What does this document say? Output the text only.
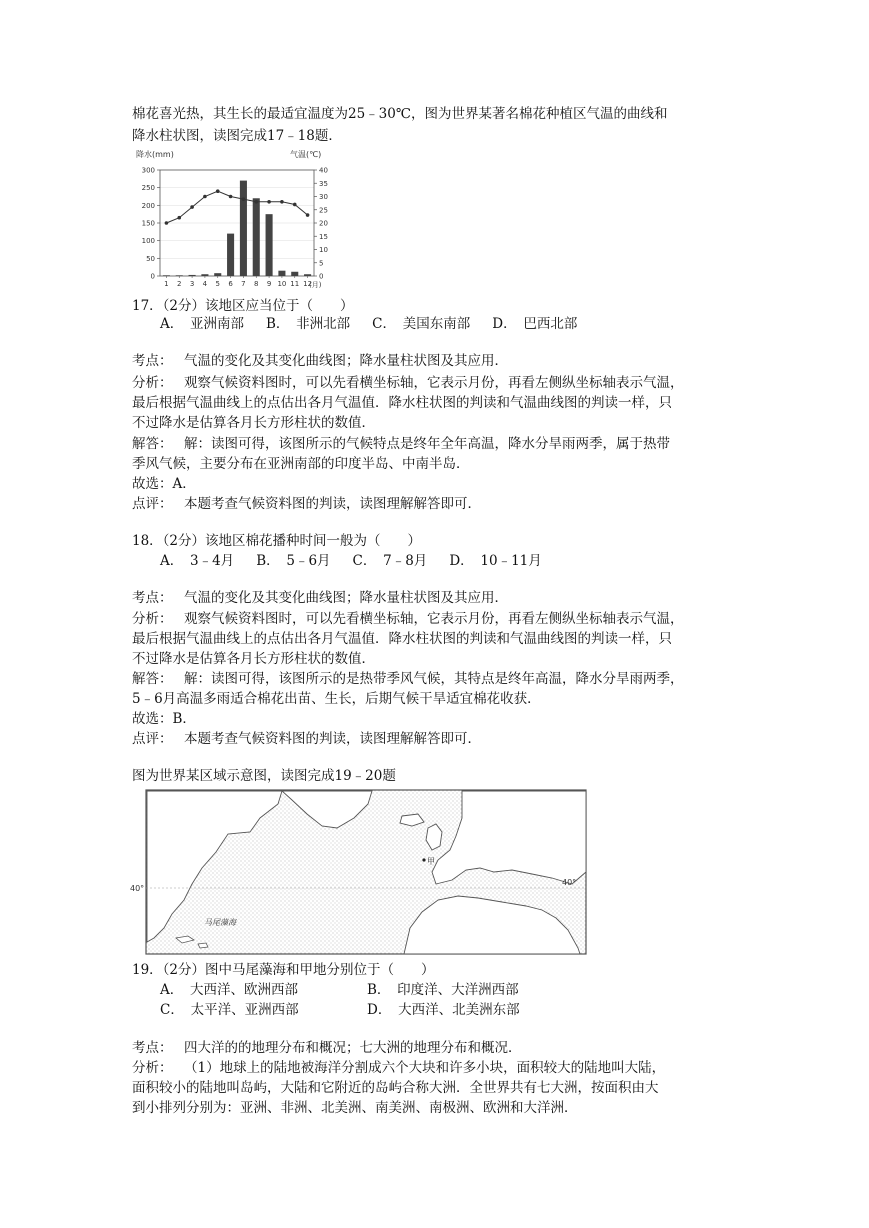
棉花喜光热，其生长的最适宜温度为25﹣30℃，图为世界某著名棉花种植区气温的曲线和
降水柱状图，读图完成17﹣18题．
降水(mm)	气温(℃)
300
250
200
150
100
50
0
40
35
30
25
20
15
10
5
0
1 2 3 4 5 6 7 8 9 10 11 12
(月)
17．（2分）该地区应当位于（　　）
A．　亚洲南部 B．　非洲北部 C．　美国东南部 D．　巴西北部
考点： 气温的变化及其变化曲线图；降水量柱状图及其应用．
分析： 观察气候资料图时，可以先看横坐标轴，它表示月份，再看左侧纵坐标轴表示气温，
最后根据气温曲线上的点估出各月气温值．降水柱状图的判读和气温曲线图的判读一样，只
不过降水是估算各月长方形柱状的数值．
解答： 解：读图可得，该图所示的气候特点是终年全年高温，降水分旱雨两季，属于热带
季风气候，主要分布在亚洲南部的印度半岛、中南半岛．
故选：A．
点评： 本题考查气候资料图的判读，读图理解解答即可．
18．（2分）该地区棉花播种时间一般为（　　）
A．　3﹣4月 B．　5﹣6月 C．　7﹣8月 D．　10﹣11月
考点： 气温的变化及其变化曲线图；降水量柱状图及其应用．
分析： 观察气候资料图时，可以先看横坐标轴，它表示月份，再看左侧纵坐标轴表示气温，
最后根据气温曲线上的点估出各月气温值．降水柱状图的判读和气温曲线图的判读一样，只
不过降水是估算各月长方形柱状的数值．
解答： 解：读图可得，该图所示的是热带季风气候，其特点是终年高温，降水分旱雨两季，
5﹣6月高温多雨适合棉花出苗、生长，后期气候干旱适宜棉花收获．
故选：B．
点评： 本题考查气候资料图的判读，读图理解解答即可．
图为世界某区域示意图，读图完成19﹣20题
甲
马尾藻海
40°
40°
19．（2分）图中马尾藻海和甲地分别位于（　　）
A．　大西洋、欧洲西部	B．　印度洋、大洋洲西部
C．　太平洋、亚洲西部	D．　大西洋、北美洲东部
考点： 四大洋的的地理分布和概况；七大洲的地理分布和概况．
分析： （1）地球上的陆地被海洋分割成六个大块和许多小块，面积较大的陆地叫大陆，
面积较小的陆地叫岛屿，大陆和它附近的岛屿合称大洲．全世界共有七大洲，按面积由大
到小排列分别为：亚洲、非洲、北美洲、南美洲、南极洲、欧洲和大洋洲．
